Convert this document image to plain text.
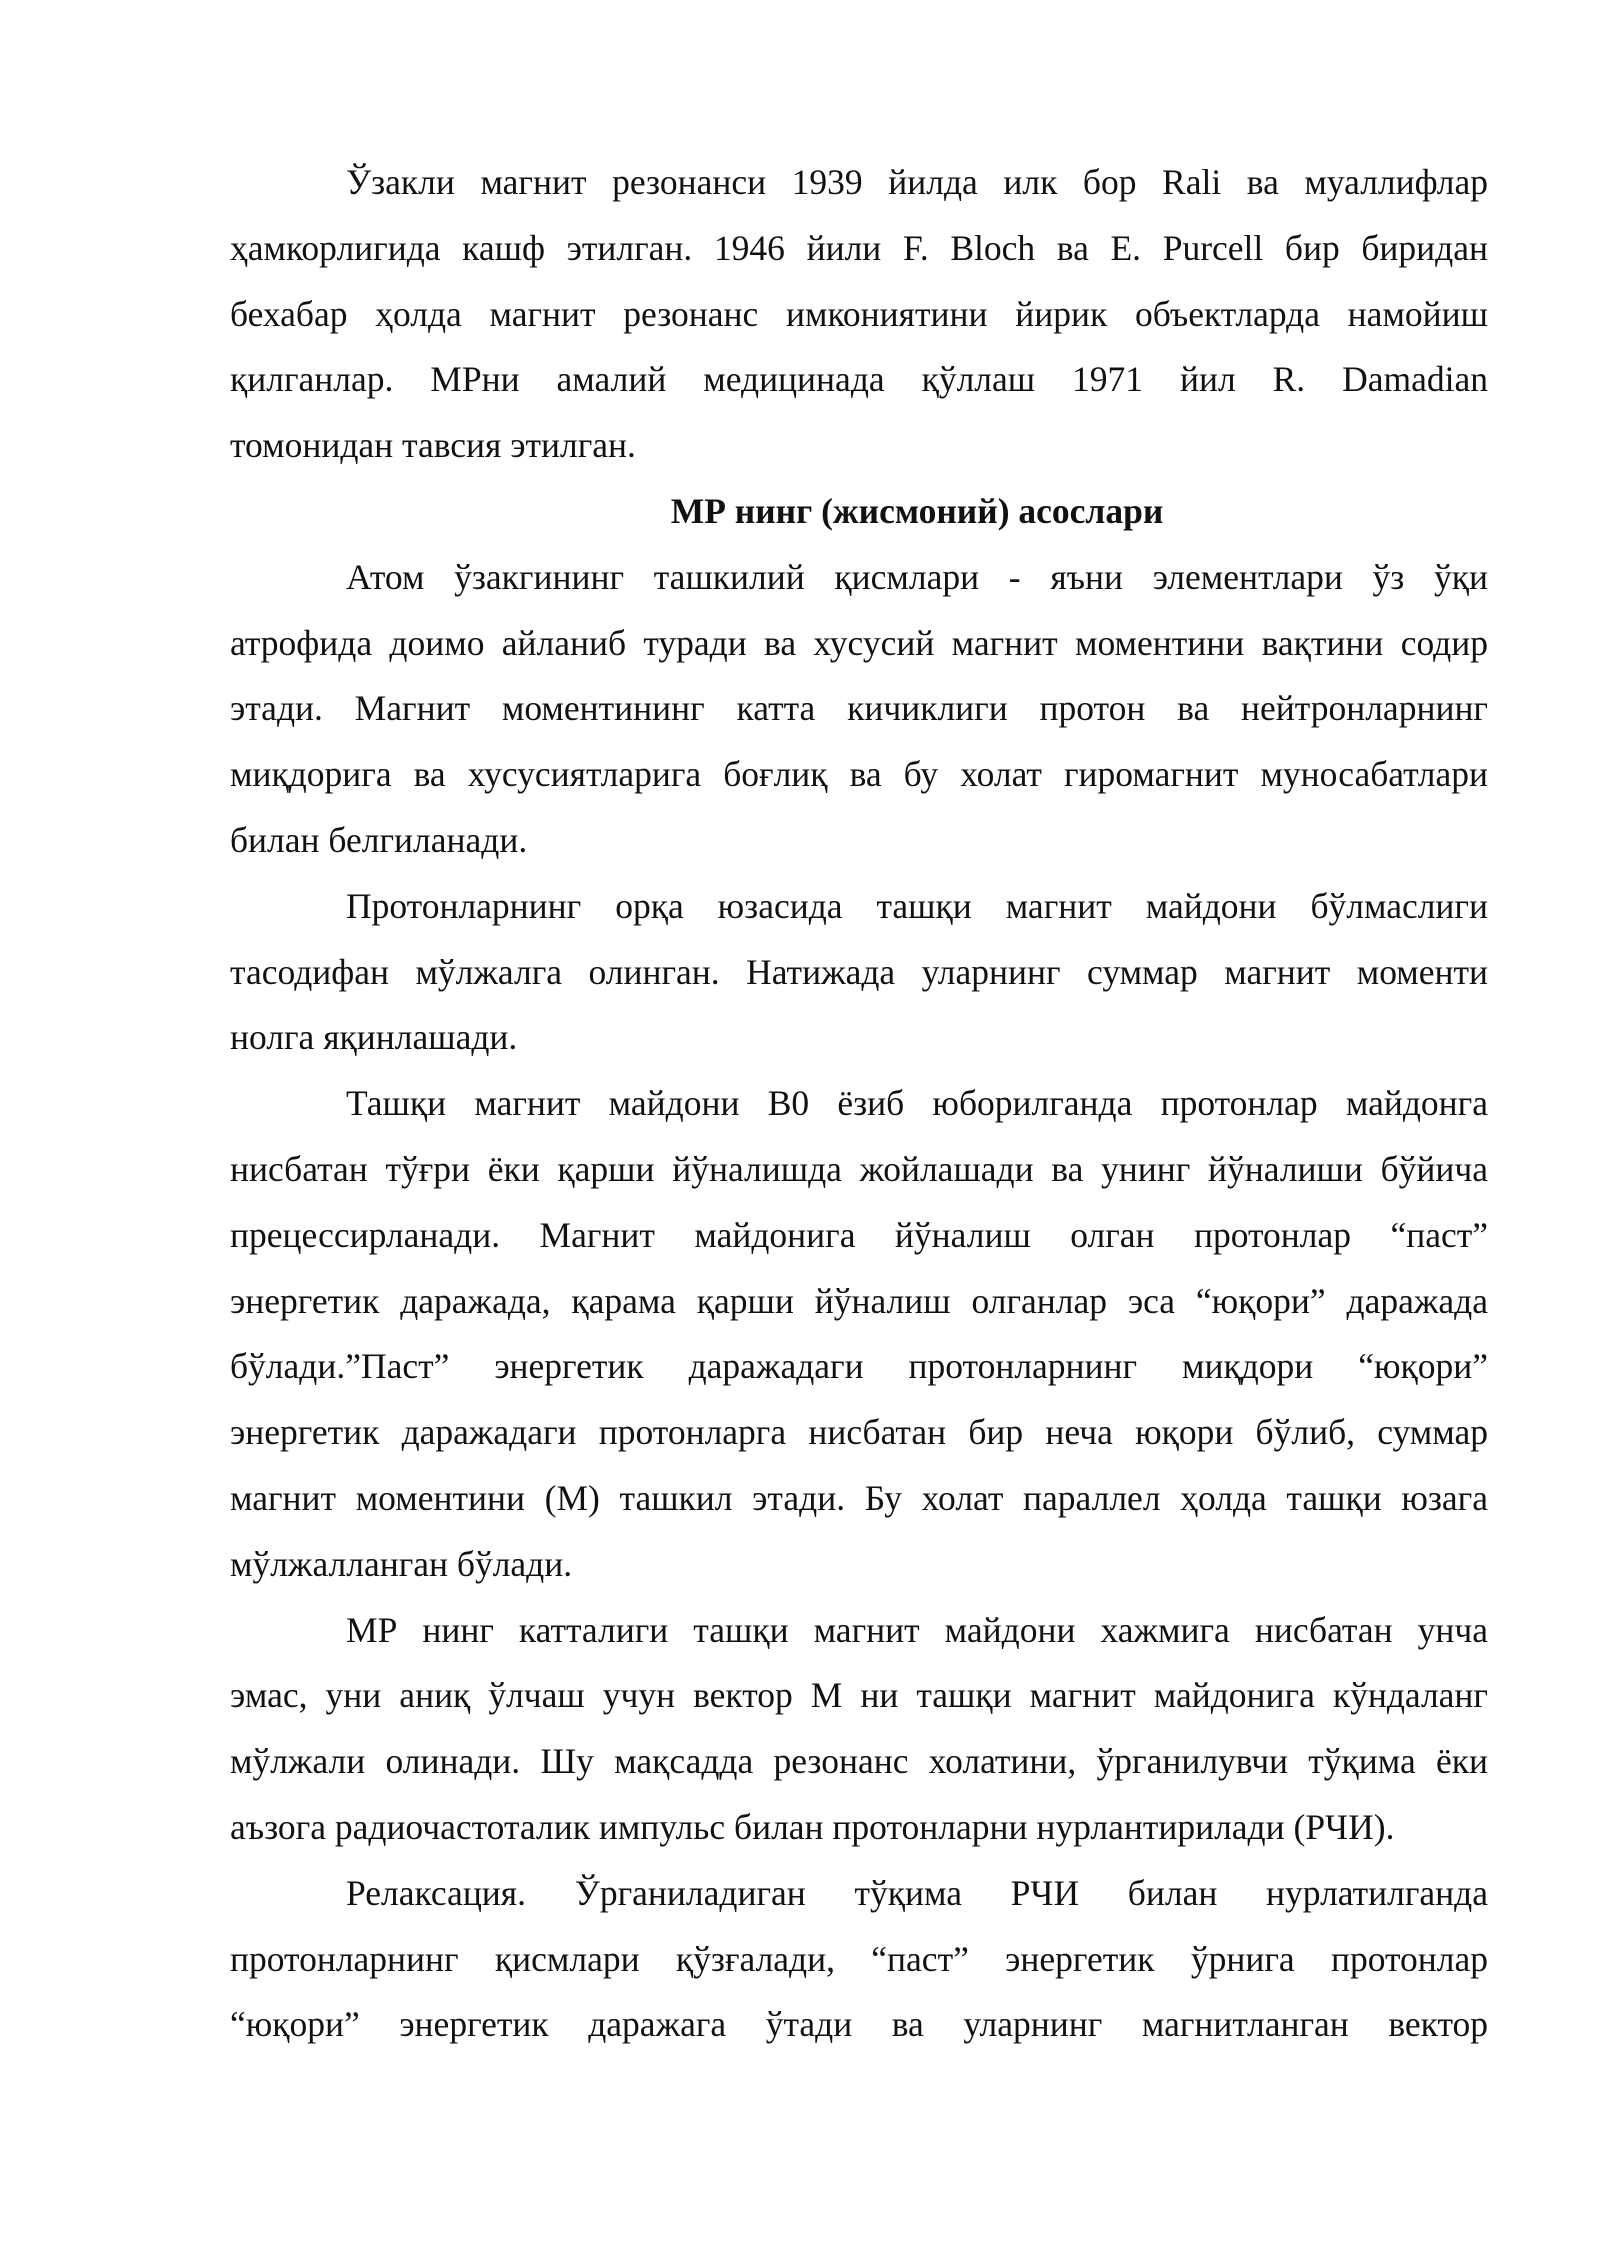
Ўзакли магнит резонанси 1939 йилда илк бор Rali ва муаллифлар
ҳамкорлигида кашф этилган. 1946 йили F. Bloch ва E. Purcell бир биридан
бехабар ҳолда магнит резонанс имкониятини йирик объектларда намойиш
қилганлар. МРни амалий медицинада қўллаш 1971 йил R. Damadian
томонидан тавсия этилган.
МР нинг (жисмоний) асослари
Атом ўзакгининг ташкилий қисмлари - яъни элементлари ўз ўқи
атрофида доимо айланиб туради ва хусусий магнит моментини вақтини содир
этади. Магнит моментининг катта кичиклиги протон ва нейтронларнинг
миқдорига ва хусусиятларига боғлиқ ва бу холат гиромагнит муносабатлари
билан белгиланади.
Протонларнинг орқа юзасида ташқи магнит майдони бўлмаслиги
тасодифан мўлжалга олинган. Натижада уларнинг суммар магнит моменти
нолга яқинлашади.
Ташқи магнит майдони В0 ёзиб юборилганда протонлар майдонга
нисбатан тўғри ёки қарши йўналишда жойлашади ва унинг йўналиши бўйича
прецессирланади. Магнит майдонига йўналиш олган протонлар “паст”
энергетик даражада, қарама қарши йўналиш олганлар эса “юқори” даражада
бўлади.”Паст” энергетик даражадаги протонларнинг миқдори “юқори”
энергетик даражадаги протонларга нисбатан бир неча юқори бўлиб, суммар
магнит моментини (М) ташкил этади. Бу холат параллел ҳолда ташқи юзага
мўлжалланган бўлади.
МР нинг катталиги ташқи магнит майдони хажмига нисбатан унча
эмас, уни аниқ ўлчаш учун вектор М ни ташқи магнит майдонига кўндаланг
мўлжали олинади. Шу мақсадда резонанс холатини, ўрганилувчи тўқима ёки
аъзога радиочастоталик импульс билан протонларни нурлантирилади (РЧИ).
Релаксация. Ўрганиладиган тўқима РЧИ билан нурлатилганда
протонларнинг қисмлари қўзғалади, “паст” энергетик ўрнига протонлар
“юқори” энергетик даражага ўтади ва уларнинг магнитланган вектор
